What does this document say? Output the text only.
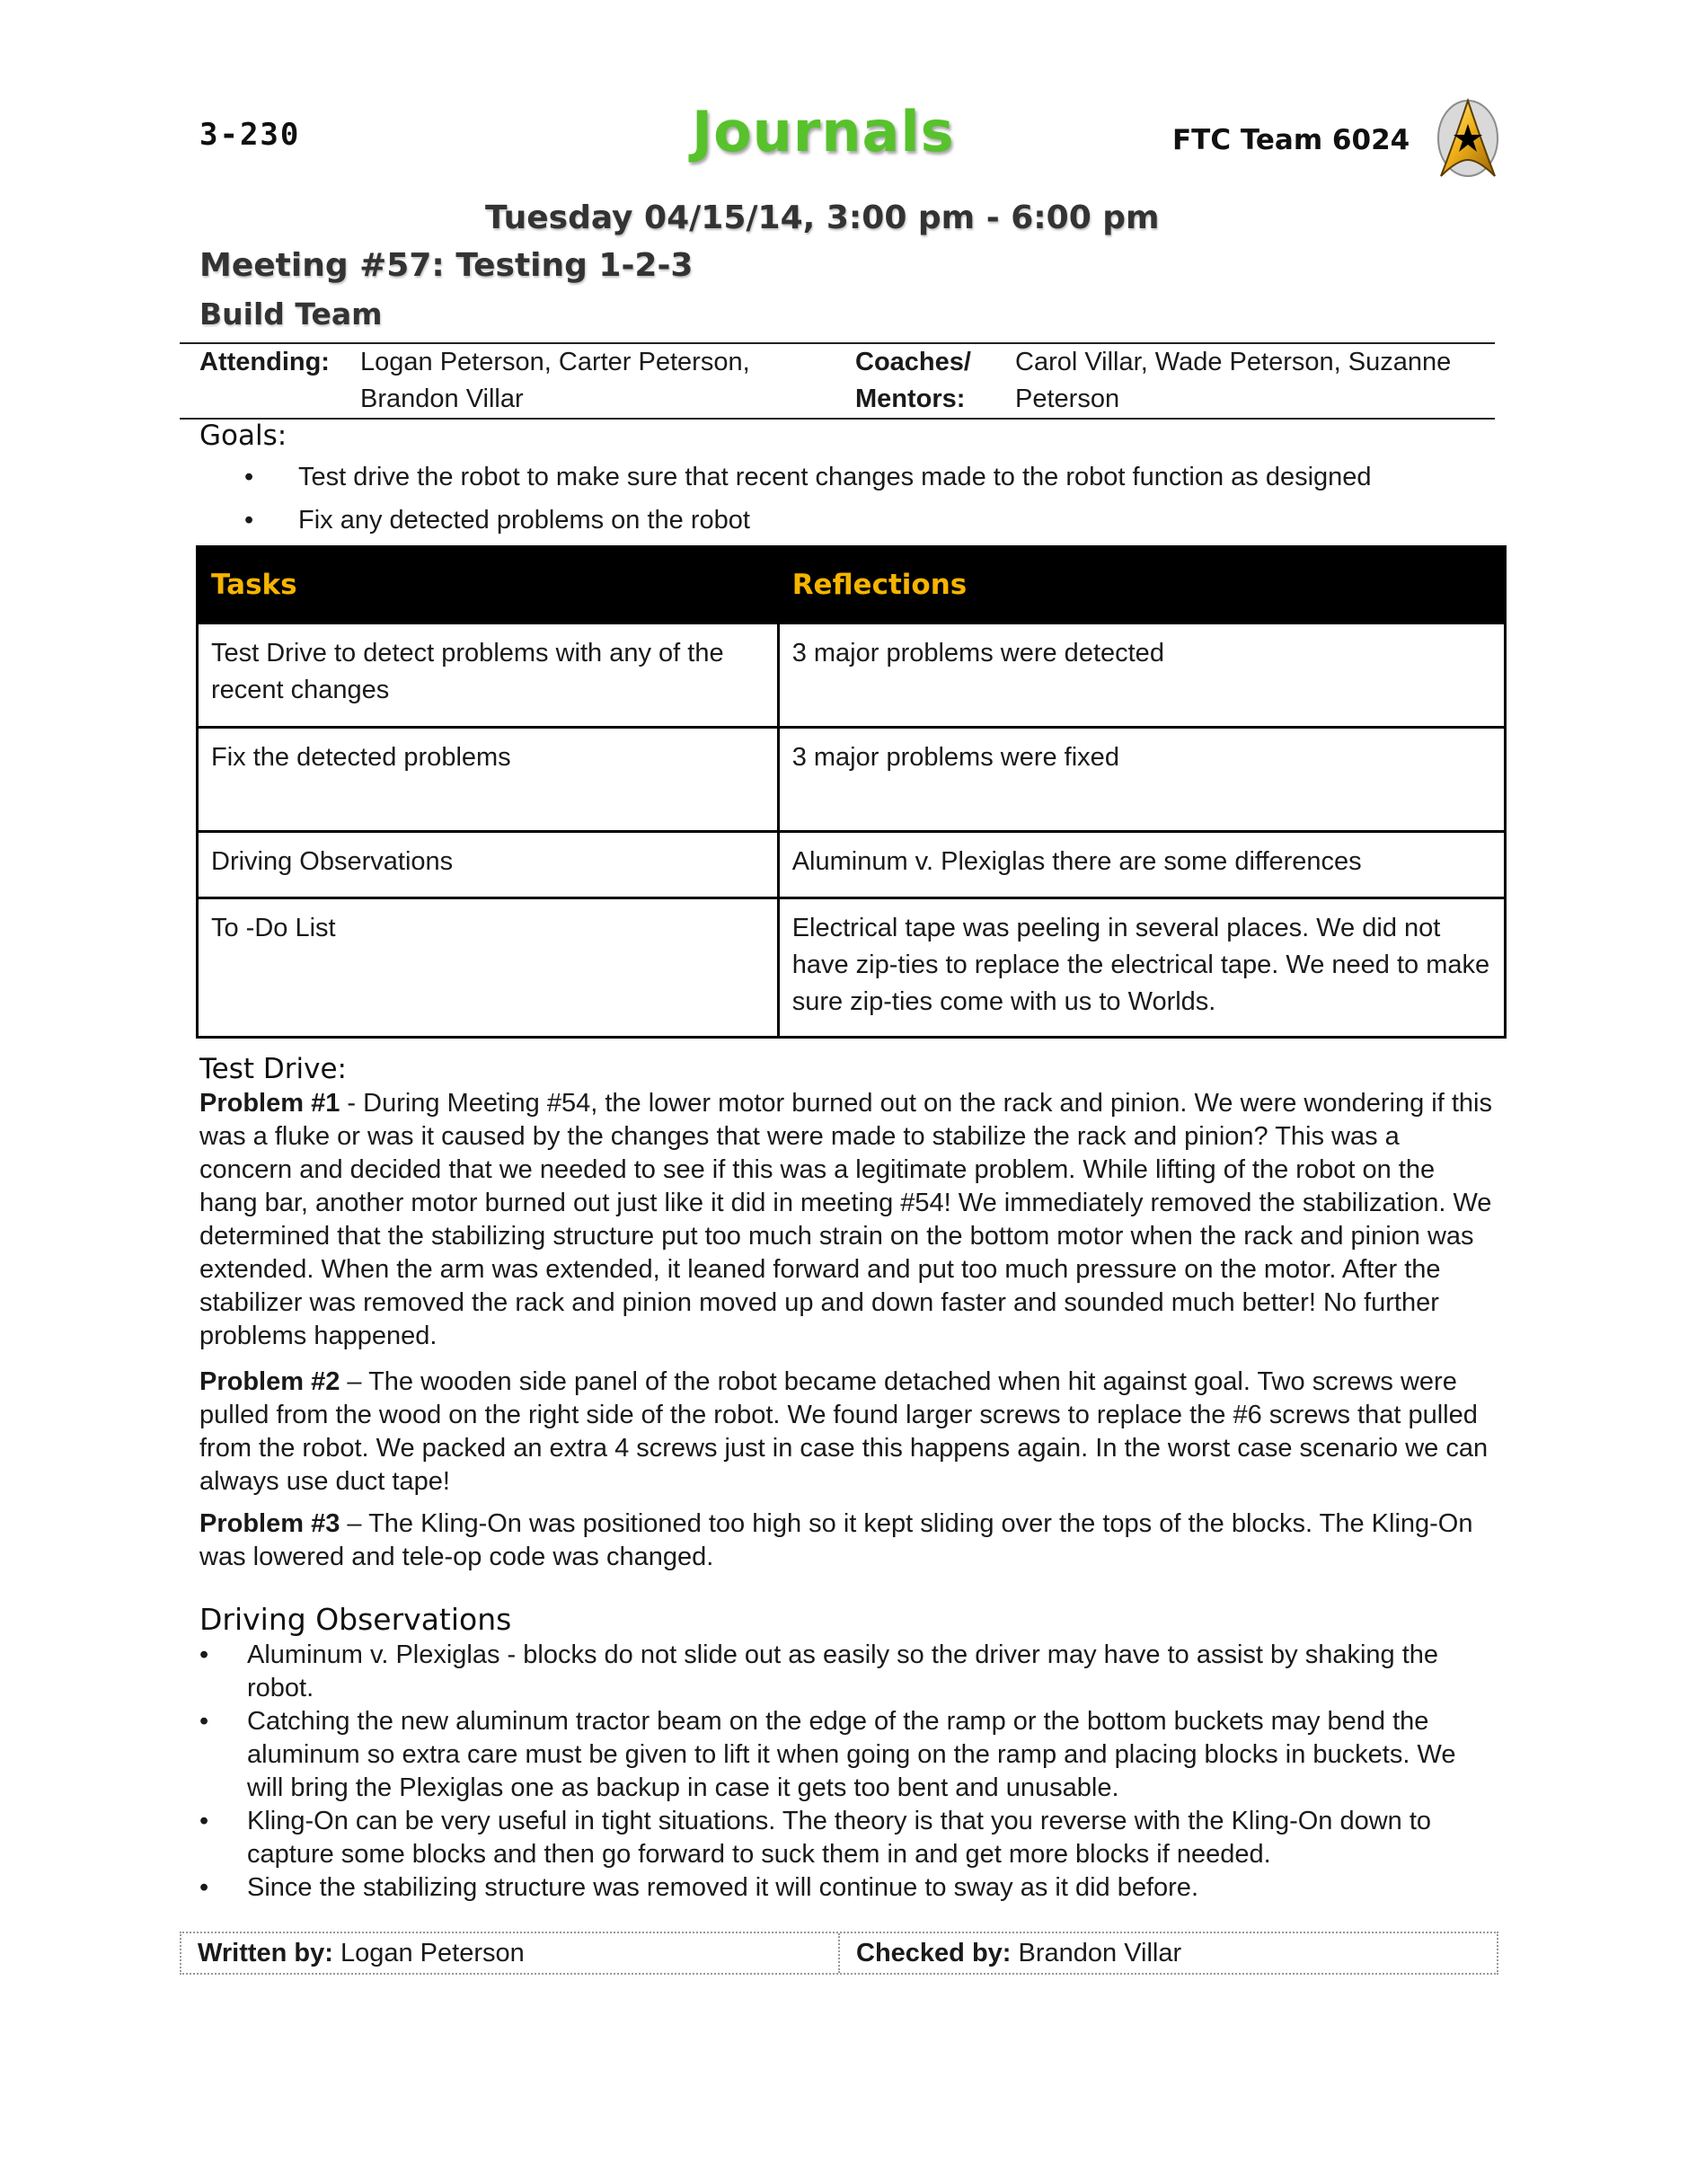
3-230	Journals	FTC Team 6024
Tuesday 04/15/14, 3:00 pm - 6:00 pm
Meeting #57: Testing 1-2-3
Build Team
Attending: Logan Peterson, Carter Peterson,
Brandon Villar
Coaches/
Mentors:
Carol Villar, Wade Peterson, Suzanne
Peterson
Goals:
• Test drive the robot to make sure that recent changes made to the robot function as designed
• Fix any detected problems on the robot
Tasks	Reflections
Test Drive to detect problems with any of the recent changes	3 major problems were detected
Fix the detected problems	3 major problems were fixed
Driving Observations	Aluminum v. Plexiglas there are some differences
To -Do List	Electrical tape was peeling in several places. We did not have zip-ties to replace the electrical tape. We need to make sure zip-ties come with us to Worlds.
Test Drive:

Problem #1 - During Meeting #54, the lower motor burned out on the rack and pinion. We were wondering if this was a fluke or was it caused by the changes that were made to stabilize the rack and pinion? This was a concern and decided that we needed to see if this was a legitimate problem. While lifting of the robot on the hang bar, another motor burned out just like it did in meeting #54! We immediately removed the stabilization. We determined that the stabilizing structure put too much strain on the bottom motor when the rack and pinion was extended. When the arm was extended, it leaned forward and put too much pressure on the motor. After the stabilizer was removed the rack and pinion moved up and down faster and sounded much better! No further problems happened.

Problem #2 – The wooden side panel of the robot became detached when hit against goal. Two screws were pulled from the wood on the right side of the robot. We found larger screws to replace the #6 screws that pulled from the robot. We packed an extra 4 screws just in case this happens again. In the worst case scenario we can always use duct tape!

Problem #3 – The Kling-On was positioned too high so it kept sliding over the tops of the blocks. The Kling-On was lowered and tele-op code was changed.

Driving Observations
• Aluminum v. Plexiglas - blocks do not slide out as easily so the driver may have to assist by shaking the robot.
• Catching the new aluminum tractor beam on the edge of the ramp or the bottom buckets may bend the aluminum so extra care must be given to lift it when going on the ramp and placing blocks in buckets. We will bring the Plexiglas one as backup in case it gets too bent and unusable.
• Kling-On can be very useful in tight situations. The theory is that you reverse with the Kling-On down to capture some blocks and then go forward to suck them in and get more blocks if needed.
• Since the stabilizing structure was removed it will continue to sway as it did before.
Written by: Logan Peterson	Checked by: Brandon Villar
